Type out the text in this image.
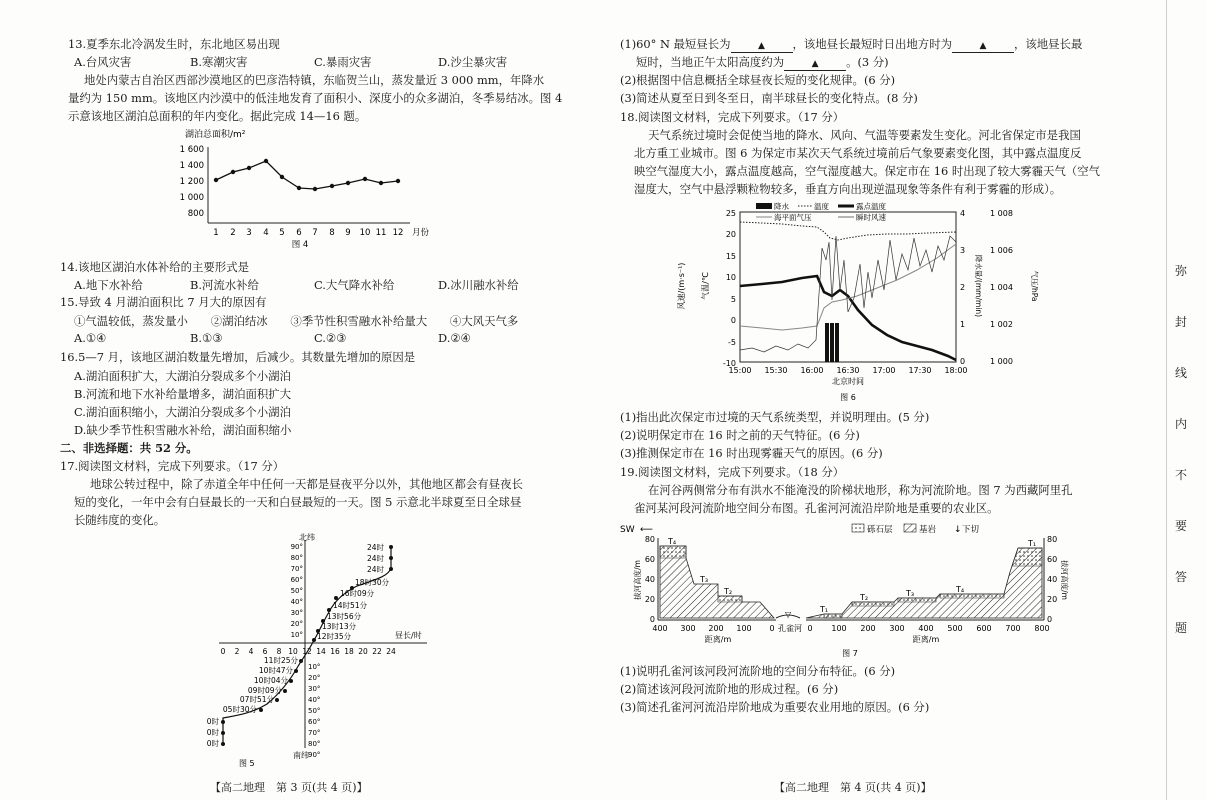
13.夏季东北冷涡发生时，东北地区易出现
A.台风灾害	B.寒潮灾害	C.暴雨灾害	D.沙尘暴灾害
地处内蒙古自治区西部沙漠地区的巴彦浩特镇，东临贺兰山，蒸发量近 3 000 mm，年降水
量约为 150 mm。该地区内沙漠中的低洼地发育了面积小、深度小的众多湖泊，冬季易结冰。图 4
示意该地区湖泊总面积的年内变化。据此完成 14—16 题。
湖泊总面积/m²
1 600
1 400
1 200
1 000
800
1 2 3 4 5 6 7 8 9 10 11 12 月份
图 4
14.该地区湖泊水体补给的主要形式是
A.地下水补给	B.河流水补给	C.大气降水补给	D.冰川融水补给
15.导致 4 月湖泊面积比 7 月大的原因有
①气温较低，蒸发量小　　②湖泊结冰　　③季节性积雪融水补给量大　　④大风天气多
A.①④	B.①③	C.②③	D.②④
16.5—7 月，该地区湖泊数量先增加，后减少。其数量先增加的原因是
A.湖泊面积扩大，大湖泊分裂成多个小湖泊
B.河流和地下水补给量增多，湖泊面积扩大
C.湖泊面积缩小，大湖泊分裂成多个小湖泊
D.缺少季节性积雪融水补给，湖泊面积缩小
二、非选择题：共 52 分。
17.阅读图文材料，完成下列要求。（17 分）
地球公转过程中，除了赤道全年中任何一天都是昼夜平分以外，其他地区都会有昼夜长
短的变化，一年中会有白昼最长的一天和白昼最短的一天。图 5 示意北半球夏至日全球昼
长随纬度的变化。
北纬
南纬
昼长/时
0 2 4 6 8 10 12 14 16 18 20 22 24
90°
80°
70°
60°
50°
40°
30°
20°
10°
10°
20°
30°
40°
50°
60°
70°
80°
90°
24时
24时
24时
18时30分
16时09分
14时51分
13时56分
13时13分
12时35分
11时25分
10时47分
10时04分
09时09分
07时51分
05时30分
0时
0时
0时
图 5
【高二地理　第 3 页(共 4 页)】
(1)60° N 最短昼长为	▲ ，该地昼长最短时日出地方时为	▲ ，该地昼长最
短时，当地正午太阳高度约为	▲ 。(3 分)
(2)根据图中信息概括全球昼夜长短的变化规律。(6 分)
(3)简述从夏至日到冬至日，南半球昼长的变化特点。(8 分)
18.阅读图文材料，完成下列要求。（17 分）
天气系统过境时会促使当地的降水、风向、气温等要素发生变化。河北省保定市是我国
北方重工业城市。图 6 为保定市某次天气系统过境前后气象要素变化图，其中露点温度反
映空气湿度大小，露点温度越高，空气湿度越大。保定市在 16 时出现了较大雾霾天气（空气
湿度大，空气中悬浮颗粒物较多，垂直方向出现逆温现象等条件有利于雾霾的形成）。
降水	温度	露点温度
海平面气压	瞬时风速
25
20
15
10
5
0
-5
-10
风速/(m·s⁻¹) 气温/℃
4
3
2
1
0
1 008
1 006
1 004
1 002
1 000
降水量/(mm/min)	气压/hPa
15:00 15:30 16:00 16:30 17:00 17:30 18:00
北京时间
图 6
(1)指出此次保定市过境的天气系统类型，并说明理由。(5 分)
(2)说明保定市在 16 时之前的天气特征。(6 分)
(3)推测保定市在 16 时出现雾霾天气的原因。(6 分)
19.阅读图文材料，完成下列要求。（18 分）
在河谷两侧常分布有洪水不能淹没的阶梯状地形，称为河流阶地。图 7 为西藏阿里孔
雀河某河段河流阶地空间分布图。孔雀河河流沿岸阶地是重要的农业区。
SW ⟵	砾石层	基岩 ↓ 下切
80
60
40
20
0
80
60
40
20
0
拔河高度/m	拔河高度/m
▽
T₄
T₃
T₂
T₁
T₂	T₃	T₄
T₁
400 300 200 100 0	0 100 200 300 400 500 600 700 800
孔雀河
距离/m	距离/m
图 7
(1)说明孔雀河该河段河流阶地的空间分布特征。(6 分)
(2)简述该河段河流阶地的形成过程。(6 分)
(3)简述孔雀河河流沿岸阶地成为重要农业用地的原因。(6 分)
【高二地理　第 4 页(共 4 页)】
弥
封
线
内
不
要
答
题
